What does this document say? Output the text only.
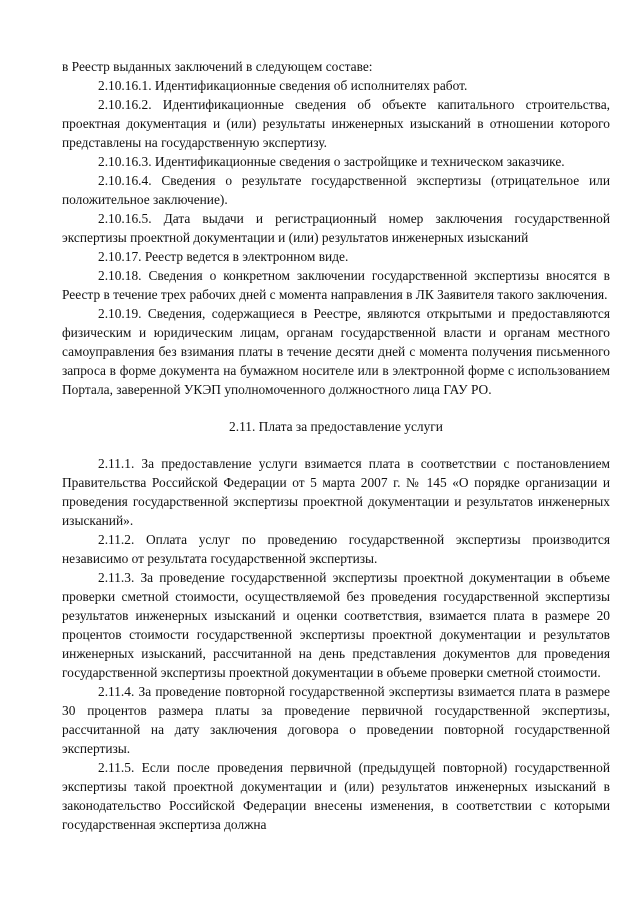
в Реестр выданных заключений в следующем составе:

2.10.16.1. Идентификационные сведения об исполнителях работ.

2.10.16.2. Идентификационные сведения об объекте капитального строительства, проектная документация и (или) результаты инженерных изысканий в отношении которого представлены на государственную экспертизу.

2.10.16.3. Идентификационные сведения о застройщике и техническом заказчике.

2.10.16.4. Сведения о результате государственной экспертизы (отрицательное или положительное заключение).

2.10.16.5. Дата выдачи и регистрационный номер заключения государственной экспертизы проектной документации и (или) результатов инженерных изысканий

2.10.17. Реестр ведется в электронном виде.

2.10.18. Сведения о конкретном заключении государственной экспертизы вносятся в Реестр в течение трех рабочих дней с момента направления в ЛК Заявителя такого заключения.

2.10.19. Сведения, содержащиеся в Реестре, являются открытыми и предоставляются физическим и юридическим лицам, органам государственной власти и органам местного самоуправления без взимания платы в течение десяти дней с момента получения письменного запроса в форме документа на бумажном носителе или в электронной форме с использованием Портала, заверенной УКЭП уполномоченного должностного лица ГАУ РО.

2.11. Плата за предоставление услуги

2.11.1. За предоставление услуги взимается плата в соответствии с постановлением Правительства Российской Федерации от 5 марта 2007 г. № 145 «О порядке организации и проведения государственной экспертизы проектной документации и результатов инженерных изысканий».

2.11.2. Оплата услуг по проведению государственной экспертизы производится независимо от результата государственной экспертизы.

2.11.3. За проведение государственной экспертизы проектной документации в объеме проверки сметной стоимости, осуществляемой без проведения государственной экспертизы результатов инженерных изысканий и оценки соответствия, взимается плата в размере 20 процентов стоимости государственной экспертизы проектной документации и результатов инженерных изысканий, рассчитанной на день представления документов для проведения государственной экспертизы проектной документации в объеме проверки сметной стоимости.

2.11.4. За проведение повторной государственной экспертизы взимается плата в размере 30 процентов размера платы за проведение первичной государственной экспертизы, рассчитанной на дату заключения договора о проведении повторной государственной экспертизы.

2.11.5. Если после проведения первичной (предыдущей повторной) государственной экспертизы такой проектной документации и (или) результатов инженерных изысканий в законодательство Российской Федерации внесены изменения, в соответствии с которыми государственная экспертиза должна
